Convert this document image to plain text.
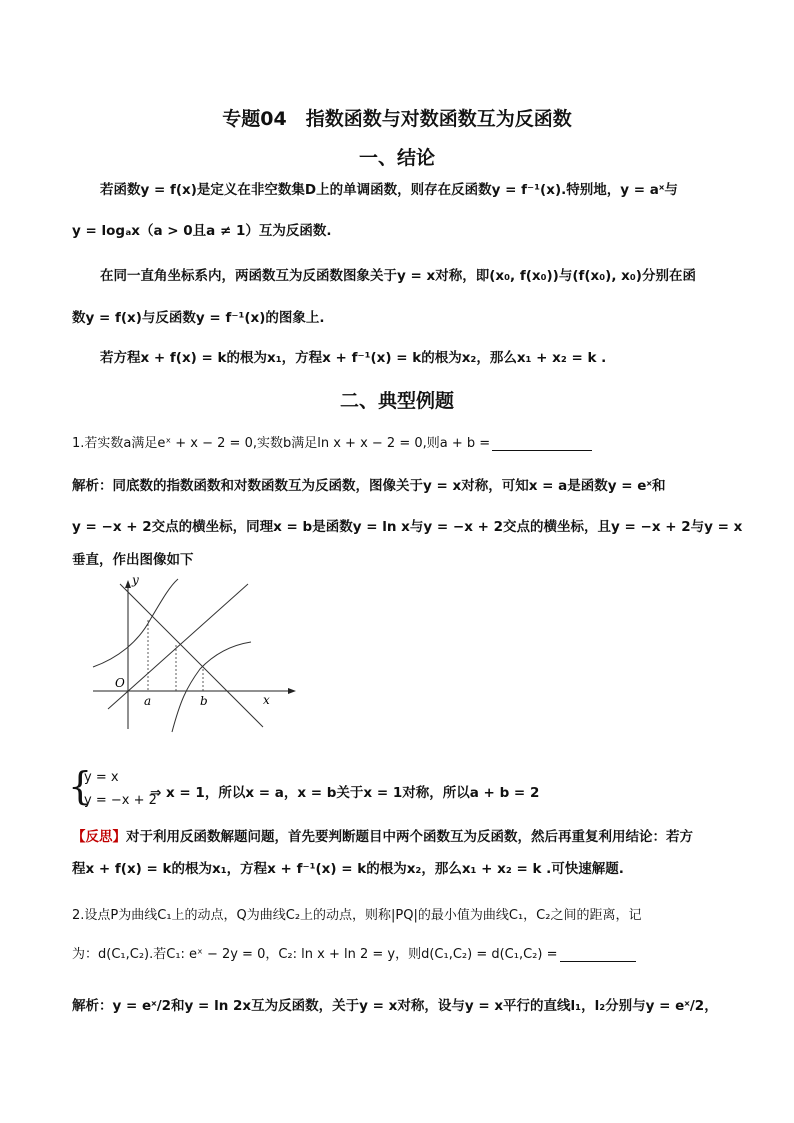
专题04　指数函数与对数函数互为反函数
一、结论
若函数y = f(x)是定义在非空数集D上的单调函数，则存在反函数y = f⁻¹(x).特别地，y = aˣ与
y = logₐx（a > 0且a ≠ 1）互为反函数.
在同一直角坐标系内，两函数互为反函数图象关于y = x对称，即(x₀, f(x₀))与(f(x₀), x₀)分别在函
数y = f(x)与反函数y = f⁻¹(x)的图象上.
若方程x + f(x) = k的根为x₁，方程x + f⁻¹(x) = k的根为x₂，那么x₁ + x₂ = k .
二、典型例题
1.若实数a满足eˣ + x − 2 = 0,实数b满足ln x + x − 2 = 0,则a + b =
解析：同底数的指数函数和对数函数互为反函数，图像关于y = x对称，可知x = a是函数y = eˣ和
y = −x + 2交点的横坐标，同理x = b是函数y = ln x与y = −x + 2交点的横坐标，且y = −x + 2与y = x
垂直，作出图像如下
y
x
O
a	b
{
y = x
y = −x + 2
⇒ x = 1，所以x = a，x = b关于x = 1对称，所以a + b = 2
【反思】对于利用反函数解题问题，首先要判断题目中两个函数互为反函数，然后再重复利用结论：若方
程x + f(x) = k的根为x₁，方程x + f⁻¹(x) = k的根为x₂，那么x₁ + x₂ = k .可快速解题.
2.设点P为曲线C₁上的动点，Q为曲线C₂上的动点，则称|PQ|的最小值为曲线C₁，C₂之间的距离，记
为：d(C₁,C₂).若C₁: eˣ − 2y = 0，C₂: ln x + ln 2 = y，则d(C₁,C₂) = d(C₁,C₂) =
解析：y = eˣ/2和y = ln 2x互为反函数，关于y = x对称，设与y = x平行的直线l₁，l₂分别与y = eˣ/2，
